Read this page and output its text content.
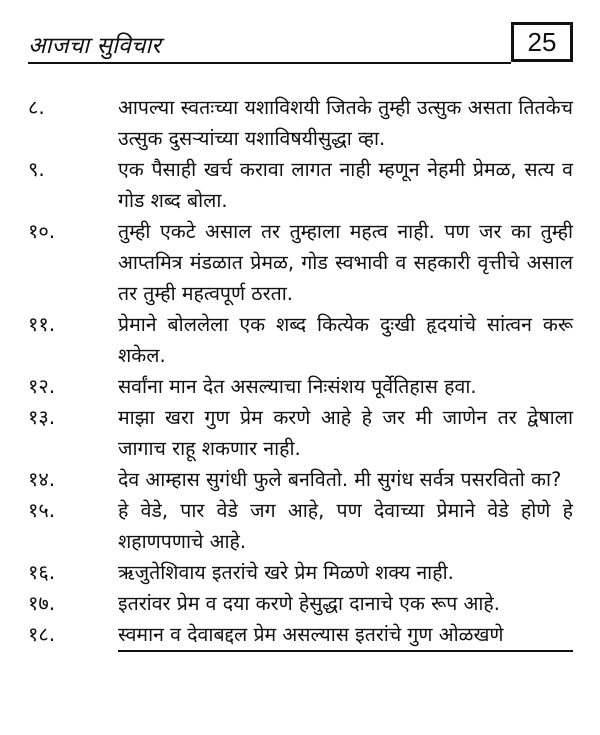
आजचा सुविचार	25
८.	आपल्या स्वतःच्या यशाविशयी जितके तुम्ही उत्सुक असता तितकेच उत्सुक दुसऱ्यांच्या यशाविषयीसुद्धा व्हा.
९.	एक पैसाही खर्च करावा लागत नाही म्हणून नेहमी प्रेमळ, सत्य व गोड शब्द बोला.
१०.	तुम्ही एकटे असाल तर तुम्हाला महत्व नाही. पण जर का तुम्ही आप्तमित्र मंडळात प्रेमळ, गोड स्वभावी व सहकारी वृत्तीचे असाल तर तुम्ही महत्वपूर्ण ठरता.
११.	प्रेमाने बोललेला एक शब्द कित्येक दुःखी हृदयांचे सांत्वन करू शकेल.
१२.	सर्वांना मान देत असल्याचा निःसंशय पूर्वेतिहास हवा.
१३.	माझा खरा गुण प्रेम करणे आहे हे जर मी जाणेन तर द्वेषाला जागाच राहू शकणार नाही.
१४.	देव आम्हास सुगंधी फुले बनवितो. मी सुगंध सर्वत्र पसरवितो का?
१५.	हे वेडे, पार वेडे जग आहे, पण देवाच्या प्रेमाने वेडे होणे हे शहाणपणाचे आहे.
१६.	ऋजुतेशिवाय इतरांचे खरे प्रेम मिळणे शक्य नाही.
१७.	इतरांवर प्रेम व दया करणे हेसुद्धा दानाचे एक रूप आहे.
१८.	स्वमान व देवाबद्दल प्रेम असल्यास इतरांचे गुण ओळखणे
